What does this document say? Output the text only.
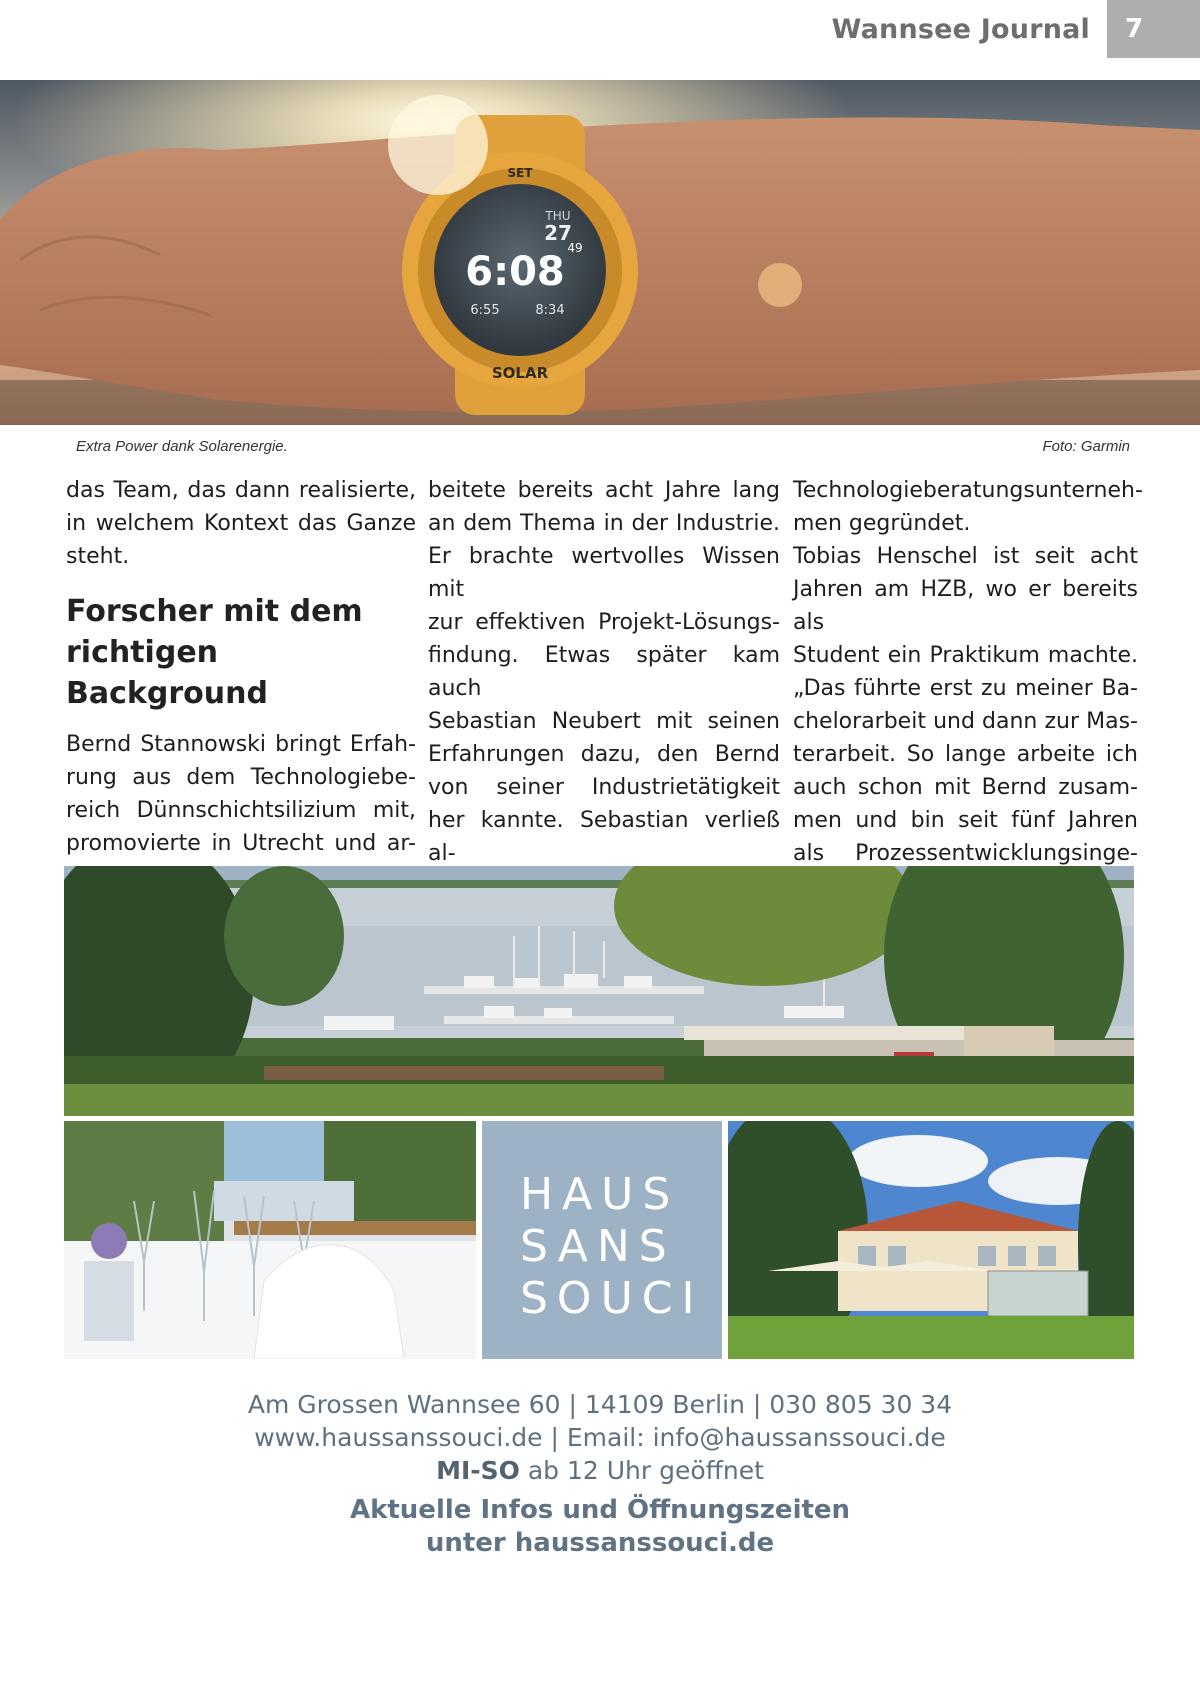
Wannsee Journal 7
SET
SOLAR
THU
27
6:08
49
6:55	8:34
Extra Power dank Solarenergie.	Foto: Garmin

das Team, das dann realisierte,

in welchem Kontext das Ganze

steht.

Forscher mit dem
richtigen Background

Bernd Stannowski bringt Erfah-

rung aus dem Technologiebe-

reich Dünnschichtsilizium mit,

promovierte in Utrecht und ar-

beitete bereits acht Jahre lang

an dem Thema in der Industrie.

Er brachte wertvolles Wissen mit

zur effektiven Projekt-Lösungs-

findung. Etwas später kam auch

Sebastian Neubert mit seinen

Erfahrungen dazu, den Bernd

von seiner Industrietätigkeit

her kannte. Sebastian verließ al-

Technologieberatungsunterneh-

men gegründet.

Tobias Henschel ist seit acht

Jahren am HZB, wo er bereits als

Student ein Praktikum machte.

„Das führte erst zu meiner Ba-

chelorarbeit und dann zur Mas-

terarbeit. So lange arbeite ich

auch schon mit Bernd zusam-

men und bin seit fünf Jahren

als Prozessentwicklungsinge-

HAUS
SANS
SOUCI
Am Grossen Wannsee 60 | 14109 Berlin | 030 805 30 34
www.haussanssouci.de | Email: info@haussanssouci.de
MI-SO ab 12 Uhr geöffnet
Aktuelle Infos und Öffnungszeiten
unter haussanssouci.de
